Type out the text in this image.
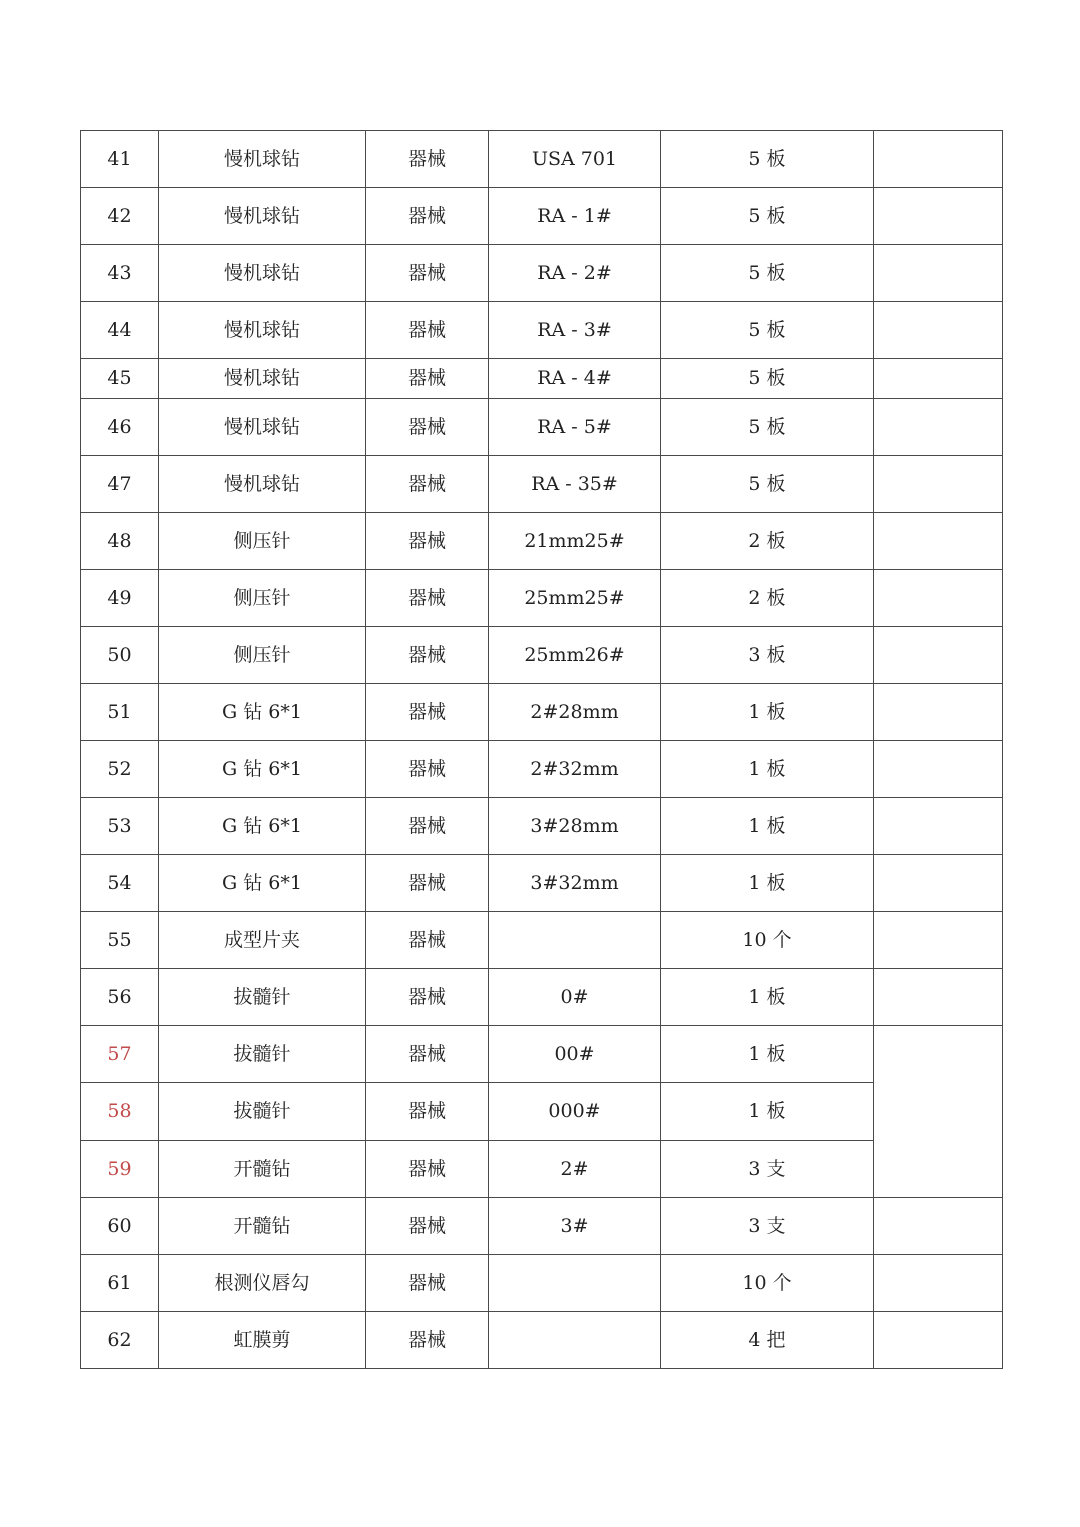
41	慢机球钻	器械	USA 701	5 板	
42	慢机球钻	器械	RA - 1#	5 板	
43	慢机球钻	器械	RA - 2#	5 板	
44	慢机球钻	器械	RA - 3#	5 板	
45	慢机球钻	器械	RA - 4#	5 板	
46	慢机球钻	器械	RA - 5#	5 板	
47	慢机球钻	器械	RA - 35#	5 板	
48	侧压针	器械	21mm25#	2 板	
49	侧压针	器械	25mm25#	2 板	
50	侧压针	器械	25mm26#	3 板	
51	G 钻 6*1	器械	2#28mm	1 板	
52	G 钻 6*1	器械	2#32mm	1 板	
53	G 钻 6*1	器械	3#28mm	1 板	
54	G 钻 6*1	器械	3#32mm	1 板	
55	成型片夹	器械		10 个	
56	拔髓针	器械	0#	1 板	
57	拔髓针	器械	00#	1 板	
58	拔髓针	器械	000#	1 板	
59	开髓钻	器械	2#	3 支	
60	开髓钻	器械	3#	3 支	
61	根测仪唇勾	器械		10 个	
62	虹膜剪	器械		4 把	
